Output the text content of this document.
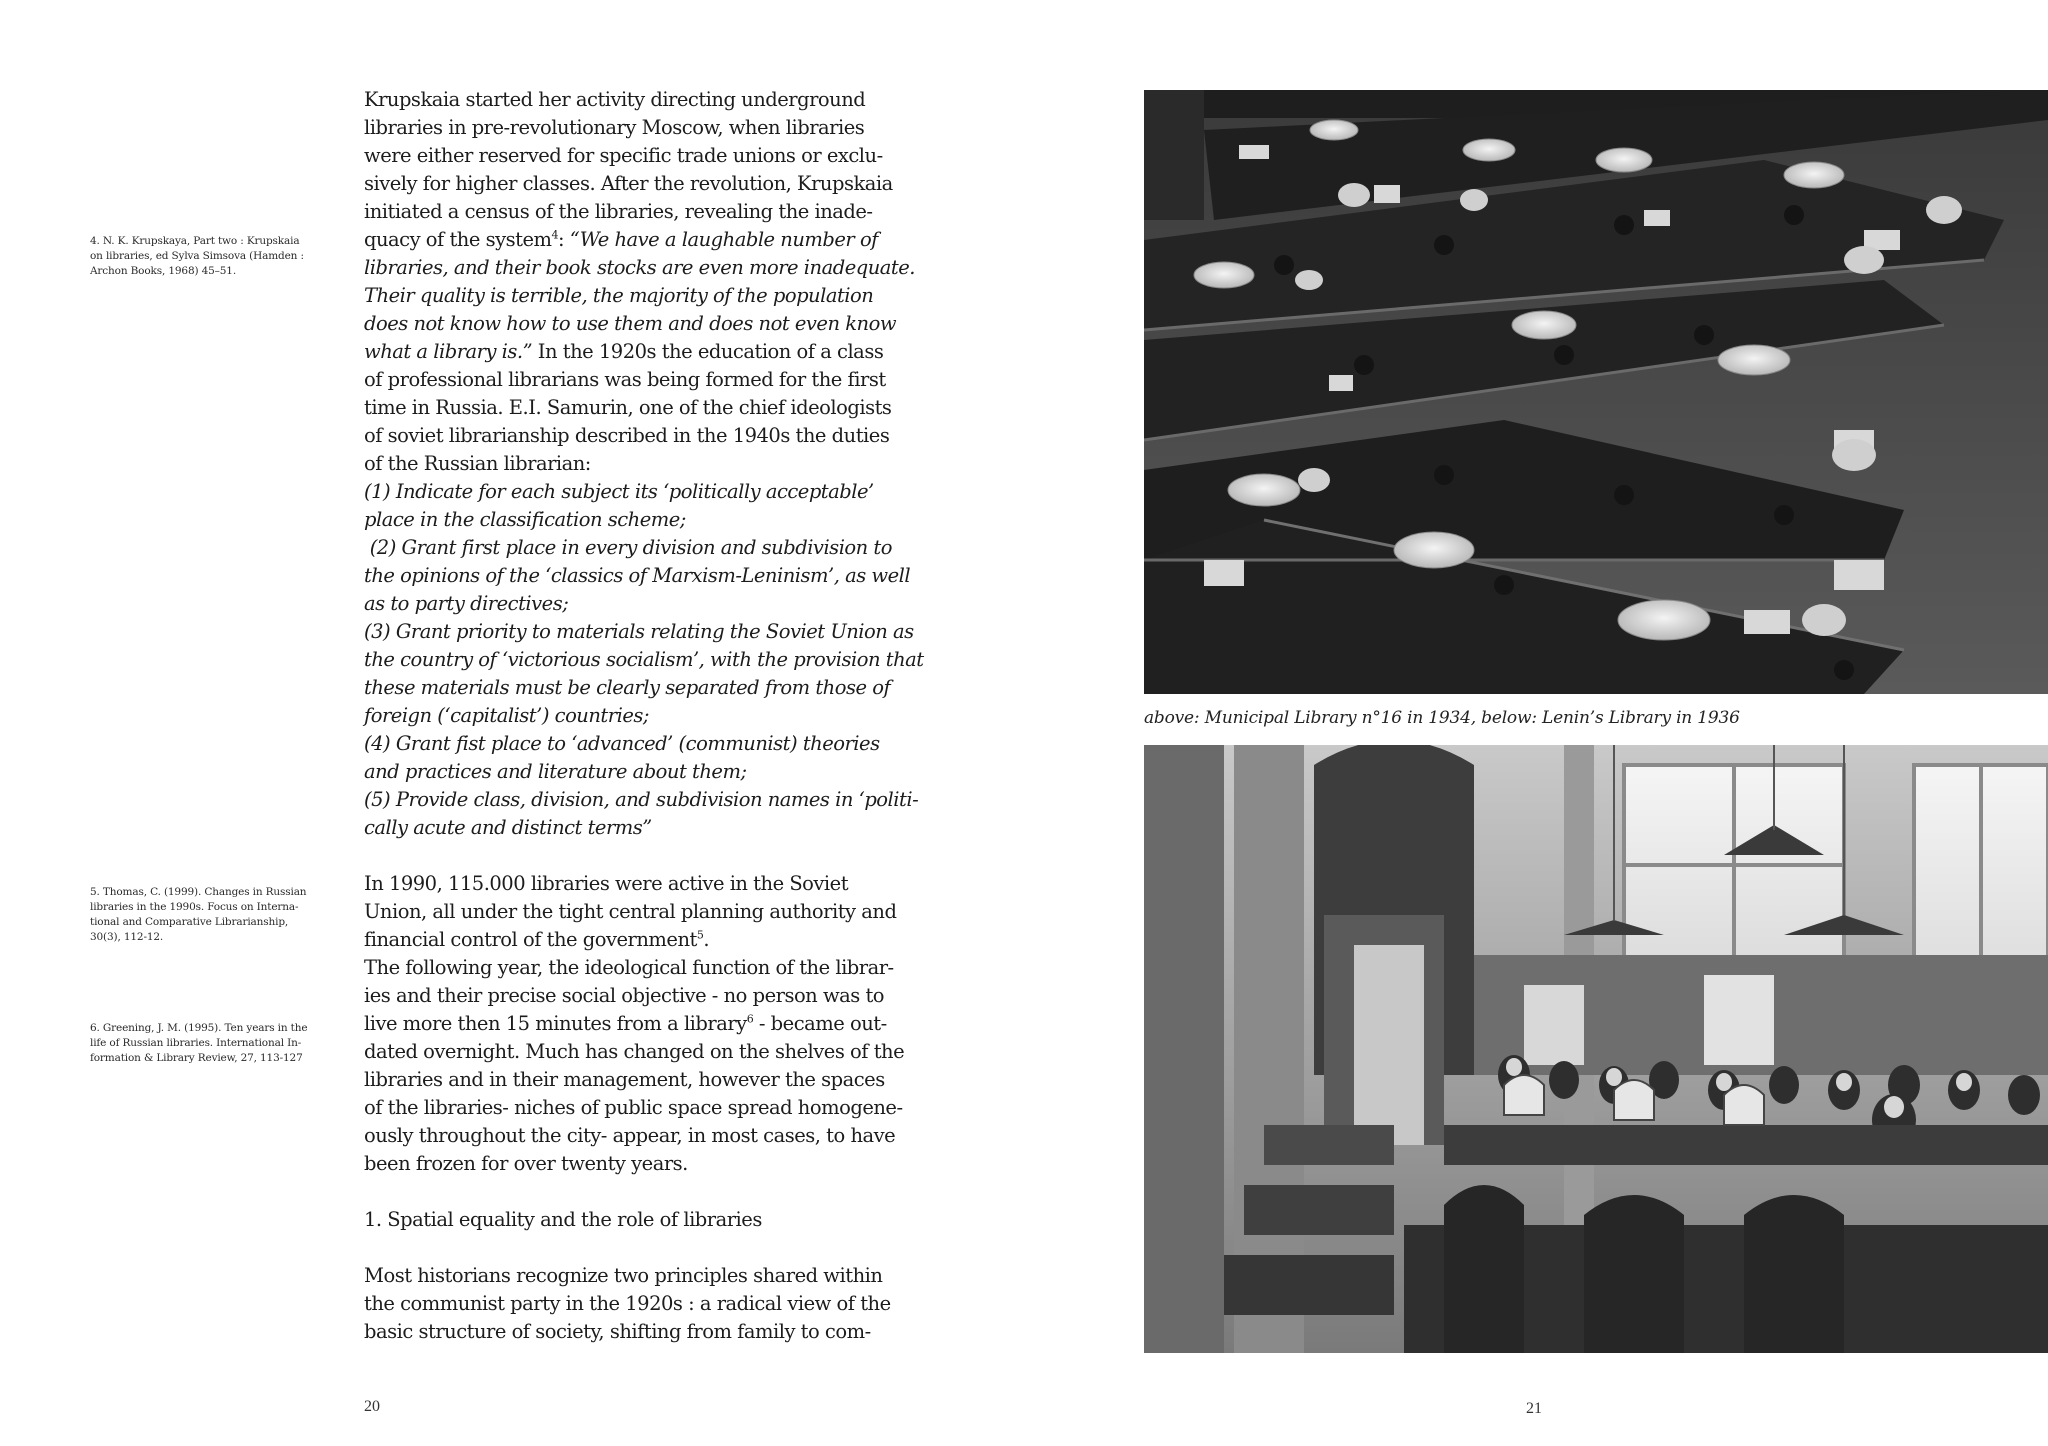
4. N. K. Krupskaya, Part two : Krupskaia
on libraries, ed Sylva Simsova (Hamden :
Archon Books, 1968) 45–51.
5. Thomas, C. (1999). Changes in Russian
libraries in the 1990s. Focus on Interna-
tional and Comparative Librarianship,
30(3), 112-12.
6. Greening, J. M. (1995). Ten years in the
life of Russian libraries. International In-
formation & Library Review, 27, 113-127
Krupskaia started her activity directing underground
libraries in pre-revolutionary Moscow, when libraries
were either reserved for specific trade unions or exclu-
sively for higher classes. After the revolution, Krupskaia
initiated a census of the libraries, revealing the inade-
quacy of the system$^4$: “We have a laughable number of
libraries, and their book stocks are even more inadequate.
Their quality is terrible, the majority of the population
does not know how to use them and does not even know
what a library is.” In the 1920s the education of a class
of professional librarians was being formed for the first
time in Russia. E.I. Samurin, one of the chief ideologists
of soviet librarianship described in the 1940s the duties
of the Russian librarian:
(1) Indicate for each subject its ‘politically acceptable’
place in the classification scheme;
(2) Grant first place in every division and subdivision to
the opinions of the ‘classics of Marxism-Leninism’, as well
as to party directives;
(3) Grant priority to materials relating the Soviet Union as
the country of ‘victorious socialism’, with the provision that
these materials must be clearly separated from those of
foreign (‘capitalist’) countries;
(4) Grant fist place to ‘advanced’ (communist) theories
and practices and literature about them;
(5) Provide class, division, and subdivision names in ‘politi-
cally acute and distinct terms”
In 1990, 115.000 libraries were active in the Soviet
Union, all under the tight central planning authority and
financial control of the government$^5$.
The following year, the ideological function of the librar-
ies and their precise social objective - no person was to
live more then 15 minutes from a library$^6$ - became out-
dated overnight. Much has changed on the shelves of the
libraries and in their management, however the spaces
of the libraries- niches of public space spread homogene-
ously throughout the city- appear, in most cases, to have
been frozen for over twenty years.
1. Spatial equality and the role of libraries
Most historians recognize two principles shared within
the communist party in the 1920s : a radical view of the
basic structure of society, shifting from family to com-
20
above: Municipal Library n°16 in 1934, below: Lenin’s Library in 1936
21
